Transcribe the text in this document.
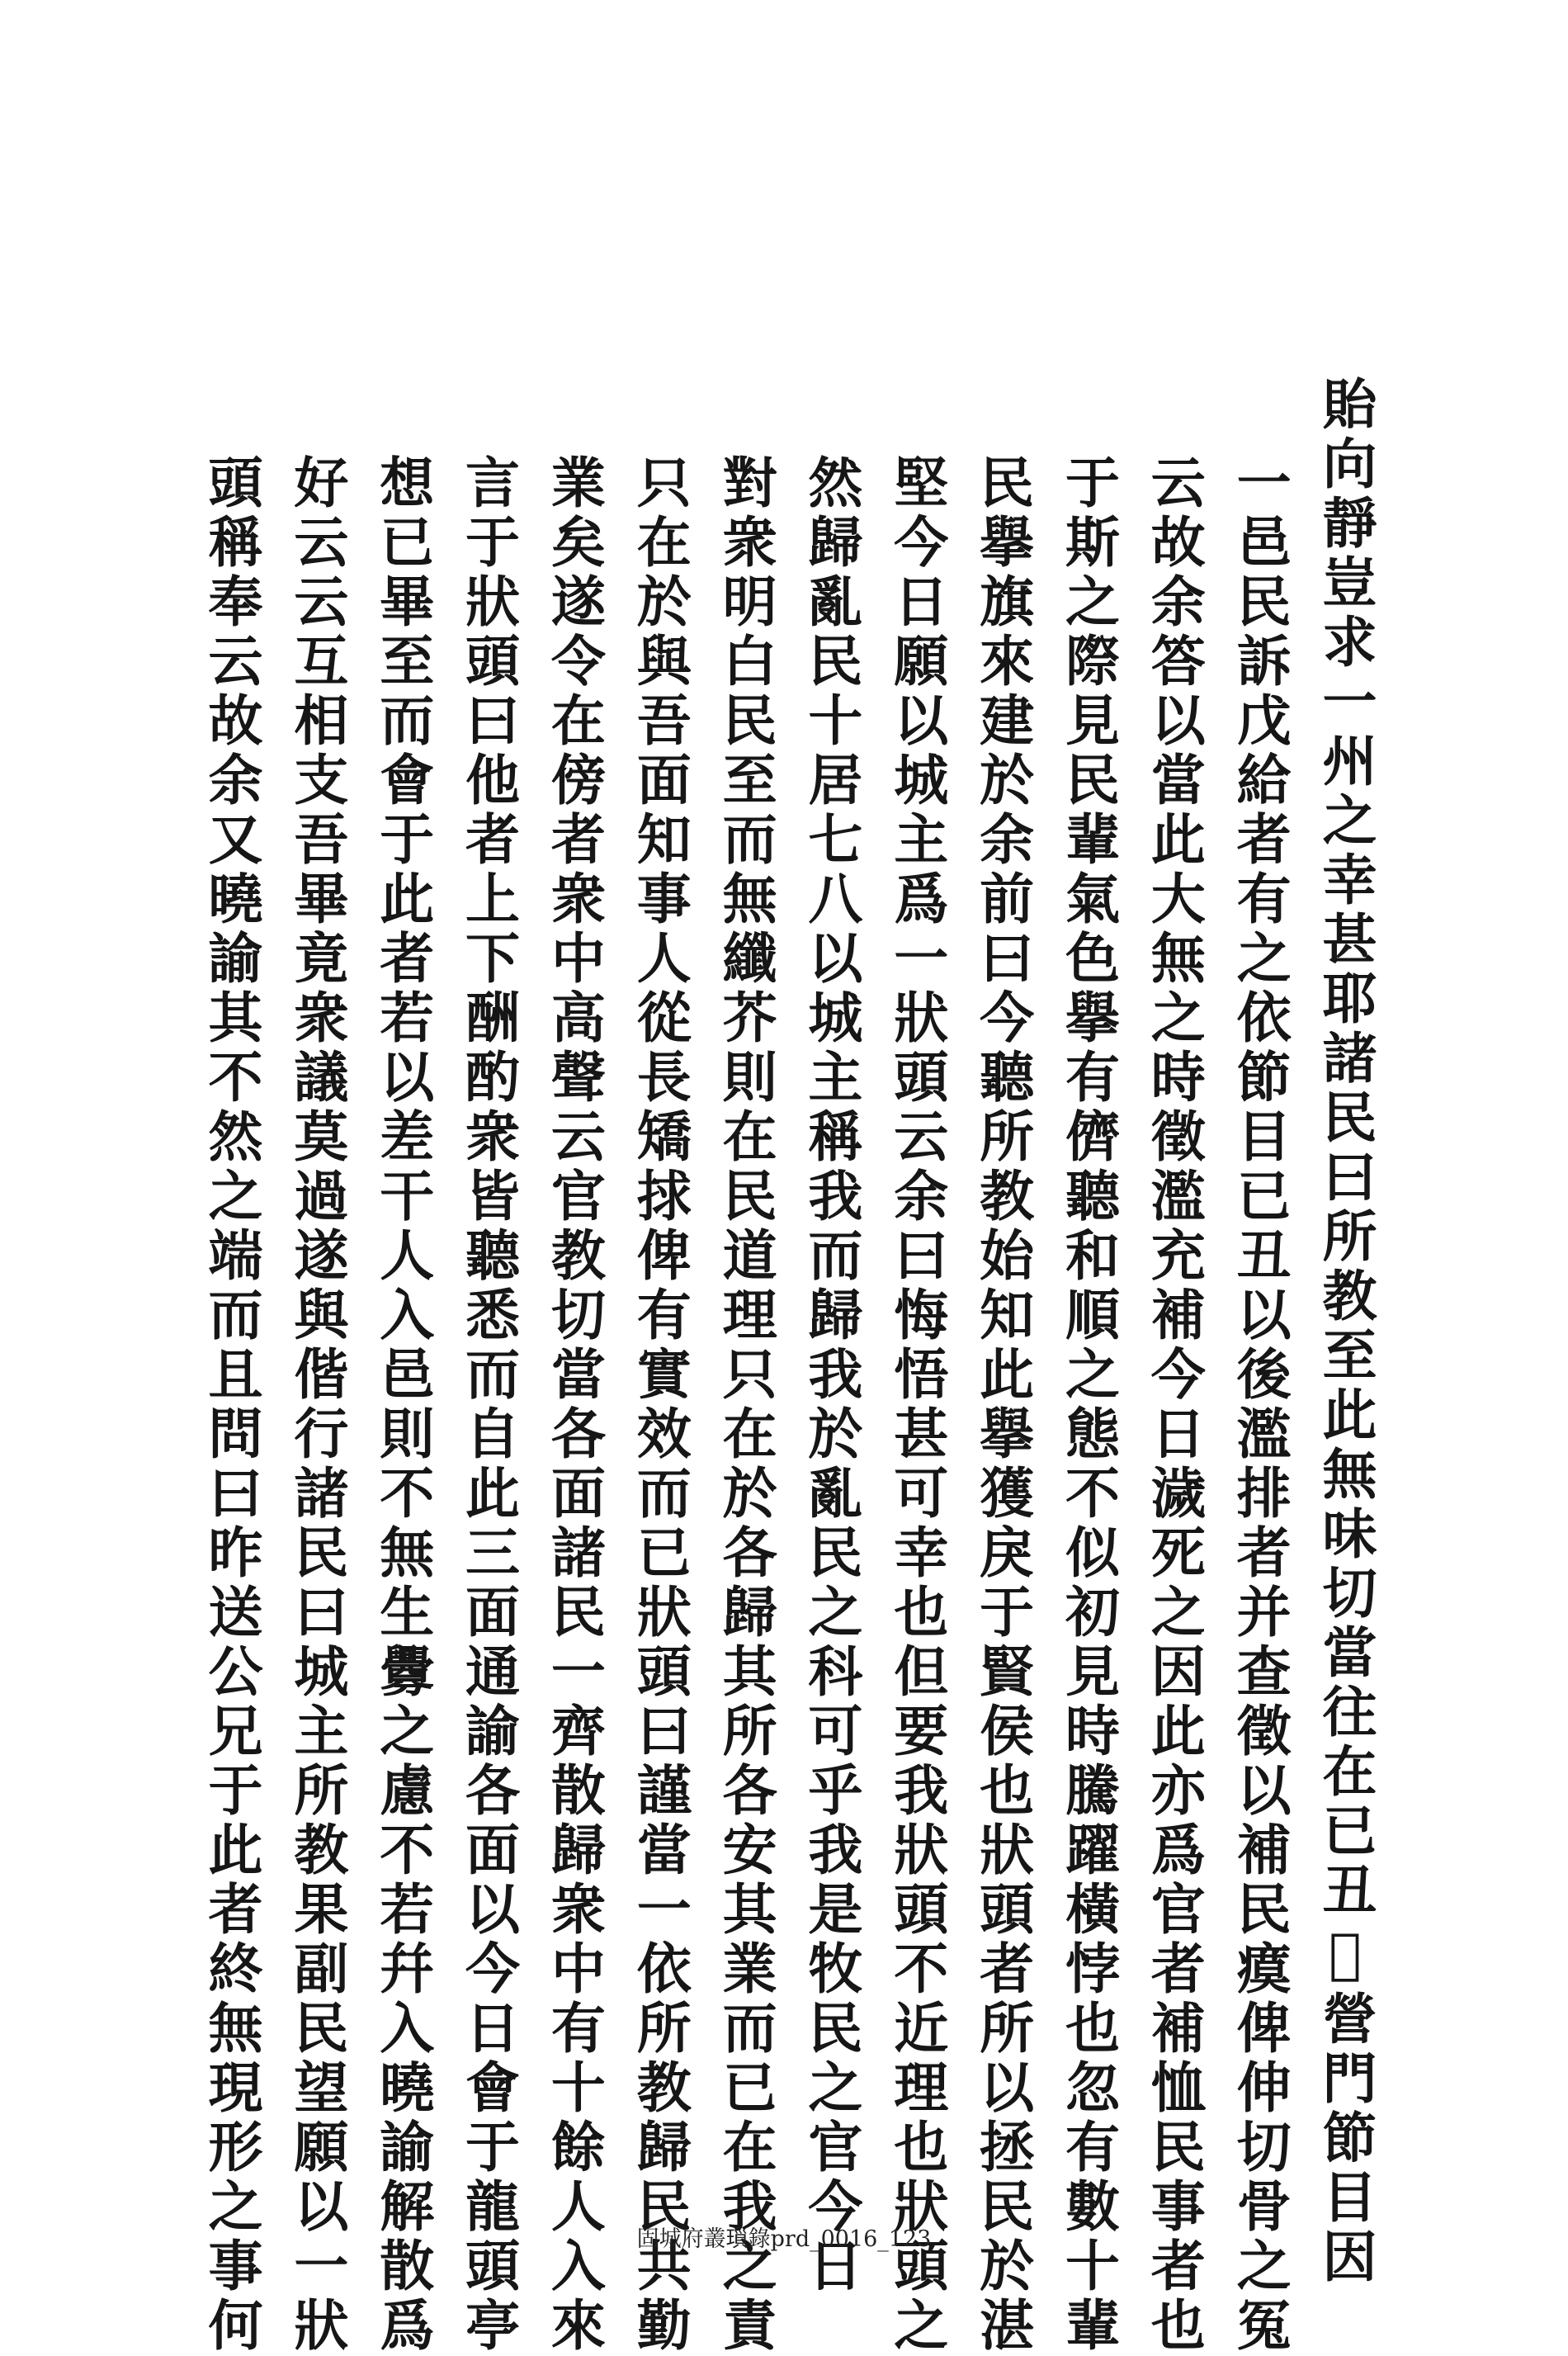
貽向靜豈求一州之幸甚耶諸民曰所教至此無味切當往在已丑𡺜營門節目因
一邑民訴戊給者有之依節目已丑以後濫排者并查徵以補民瘼俾伸切骨之冤
云故余答以當此大無之時徵濫充補今日濊死之因此亦爲官者補恤民事者也
于斯之際見民輩氣色擧有儕聽和順之態不似初見時騰躍橫悖也忽有數十輩
民擧旗來建於余前曰今聽所教始知此擧獲戾于賢侯也狀頭者所以拯民於湛
堅今日願以城主爲一狀頭云余曰悔悟甚可幸也但要我狀頭不近理也狀頭之
然歸亂民十居七八以城主稱我而歸我於亂民之科可乎我是牧民之官今日
對衆明白民至而無纖芥則在民道理只在於各歸其所各安其業而已在我之責
只在於與吾面知事人從長矯捄俾有實效而已狀頭曰謹當一依所教歸民共勤
業矣遂令在傍者衆中高聲云官教切當各面諸民一齊散歸衆中有十餘人入來
言于狀頭曰他者上下酬酌衆皆聽悉而自此三面通諭各面以今日會于龍頭亭
想已畢至而會于此者若以差干人入邑則不無生釁之慮不若幷入曉諭解散爲
好云云互相支吾畢竟衆議莫過遂與偕行諸民曰城主所教果副民望願以一狀
頭稱奉云故余又曉諭其不然之端而且問曰昨送公兄于此者終無現形之事何	固城府叢𤨏錄prd_0016_123
